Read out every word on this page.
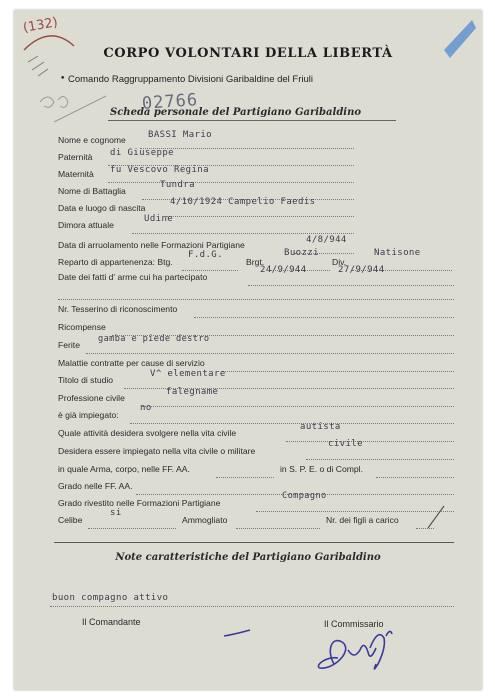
(132)
02766
CORPO VOLONTARI DELLA LIBERTÀ
• Comando Raggruppamento Divisioni Garibaldine del Friuli
Scheda personale del Partigiano Garibaldino
Nome e cognome BASSI Mario
Paternità di Giuseppe
Maternità fu Vescovo Regina
Nome di Battaglia
Tundra
Data e luogo di nascita
4/10/1924 Campelio Faedis
Dimora attuale
Udine
Data di arruolamento nelle Formazioni Partigiane	4/8/944
Reparto di appartenenza: Btg.
F.d.G.
Brgt.
Buozzi
Div.
Natisone
Date dei fatti d' arme cui ha partecipato
24/9/944	27/9/944
Nr. Tesserino di riconoscimento
Ricompense
Ferite
gamba e piede destro
Malattie contratte per cause di servizio
Titolo di studio
V^ elementare
Professione civile
falegname
è già impiegato:
no
Quale attività desidera svolgere nella vita civile
autista
Desidera essere impiegato nella vita civile o militare
civile
in quale Arma, corpo, nelle FF. AA.	in S. P. E. o di Compl.
Grado nelle FF. AA.
Grado rivestito nelle Formazioni Partigiane
Compagno
Celibe
si
Ammogliato	Nr. dei figli a carico
Note caratteristiche del Partigiano Garibaldino
buon compagno attivo
Il Comandante	Il Commissario
